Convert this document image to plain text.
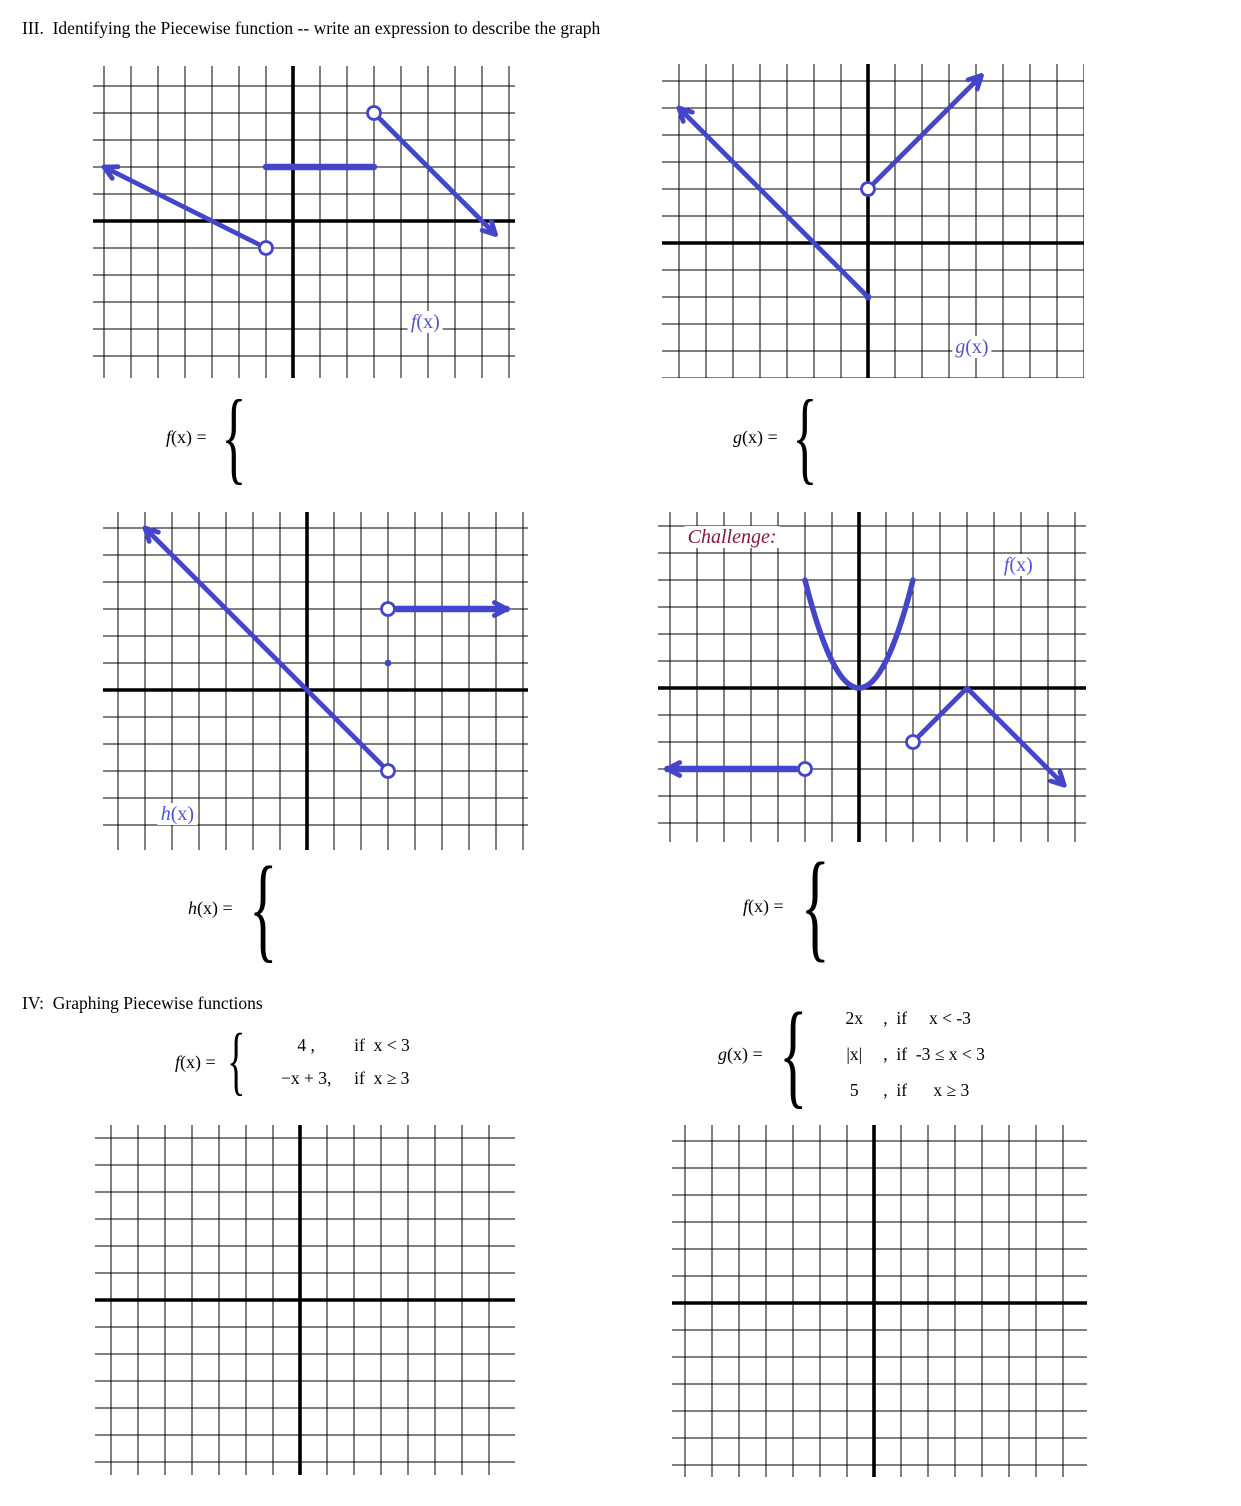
III.  Identifying the Piecewise function -- write an expression to describe the graph
f(x)
g(x)
h(x)
Challenge:
f(x)
f(x) = {	g(x) = {
h(x) = {	f(x) = {
IV:  Graphing Piecewise functions
f(x) = {	4 ,	if  x < 3
−x + 3,	if  x ≥ 3
g(x) = {	2x	,  if     x < -3
|x|	,  if  -3 ≤ x < 3
5	,  if      x ≥ 3
